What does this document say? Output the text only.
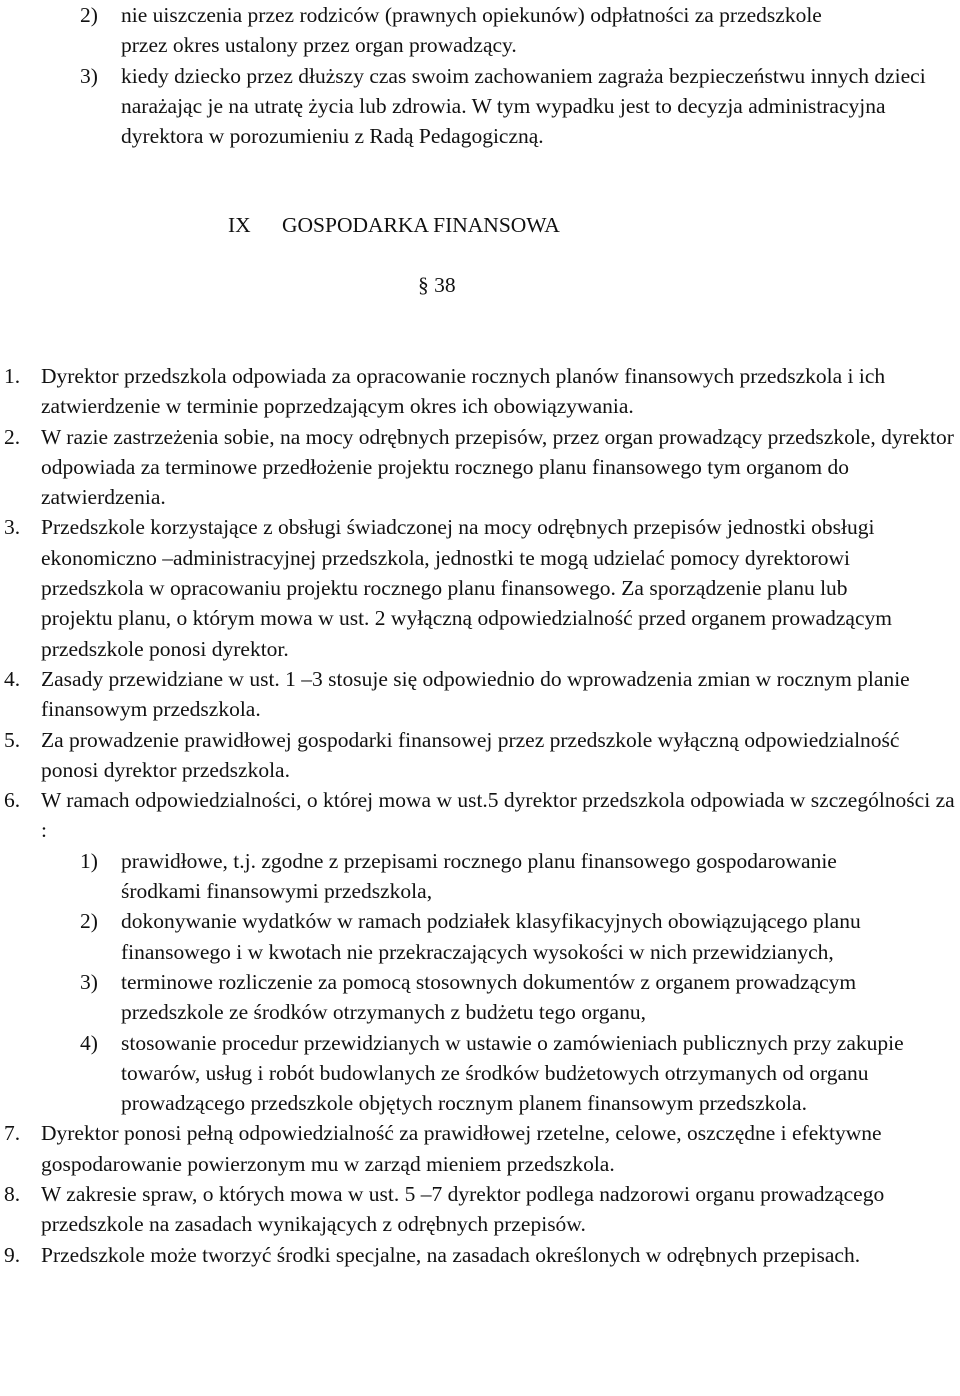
2)	nie uiszczenia przez rodziców (prawnych opiekunów) odpłatności za przedszkole przez okres ustalony przez organ prowadzący.
3)	kiedy dziecko przez dłuższy czas swoim zachowaniem zagraża bezpieczeństwu innych dzieci narażając je na utratę życia lub zdrowia. W tym wypadku jest to decyzja administracyjna dyrektora w porozumieniu z Radą Pedagogiczną.
IX GOSPODARKA FINANSOWA
§ 38
1. Dyrektor przedszkola odpowiada za opracowanie rocznych planów finansowych przedszkola i ich zatwierdzenie w terminie poprzedzającym okres ich obowiązywania.
2. W razie zastrzeżenia sobie, na mocy odrębnych przepisów, przez organ prowadzący przedszkole, dyrektor odpowiada za terminowe przedłożenie projektu rocznego planu finansowego tym organom do zatwierdzenia.
3. Przedszkole korzystające z obsługi świadczonej na mocy odrębnych przepisów jednostki obsługi ekonomiczno –administracyjnej przedszkola, jednostki te mogą udzielać pomocy dyrektorowi przedszkola w opracowaniu projektu rocznego planu finansowego. Za sporządzenie planu lub projektu planu, o którym mowa w ust. 2 wyłączną odpowiedzialność przed organem prowadzącym przedszkole ponosi dyrektor.
4. Zasady przewidziane w ust. 1 –3 stosuje się odpowiednio do wprowadzenia zmian w rocznym planie finansowym przedszkola.
5. Za prowadzenie prawidłowej gospodarki finansowej przez przedszkole wyłączną odpowiedzialność ponosi dyrektor przedszkola.
6. W ramach odpowiedzialności, o której mowa w ust.5 dyrektor przedszkola odpowiada w szczególności za :
1)	prawidłowe, t.j. zgodne z przepisami rocznego planu finansowego gospodarowanie środkami finansowymi przedszkola,
2)	dokonywanie wydatków w ramach podziałek klasyfikacyjnych obowiązującego planu finansowego i w kwotach nie przekraczających wysokości w nich przewidzianych,
3)	terminowe rozliczenie za pomocą stosownych dokumentów z organem prowadzącym przedszkole ze środków otrzymanych z budżetu tego organu,
4)	stosowanie procedur przewidzianych w ustawie o zamówieniach publicznych przy zakupie towarów, usług i robót budowlanych ze środków budżetowych otrzymanych od organu prowadzącego przedszkole objętych rocznym planem finansowym przedszkola.
7. Dyrektor ponosi pełną odpowiedzialność za prawidłowej rzetelne, celowe, oszczędne i efektywne gospodarowanie powierzonym mu w zarząd mieniem przedszkola.
8. W zakresie spraw, o których mowa w ust. 5 –7 dyrektor podlega nadzorowi organu prowadzącego przedszkole na zasadach wynikających z odrębnych przepisów.
9. Przedszkole może tworzyć środki specjalne, na zasadach określonych w odrębnych przepisach.
